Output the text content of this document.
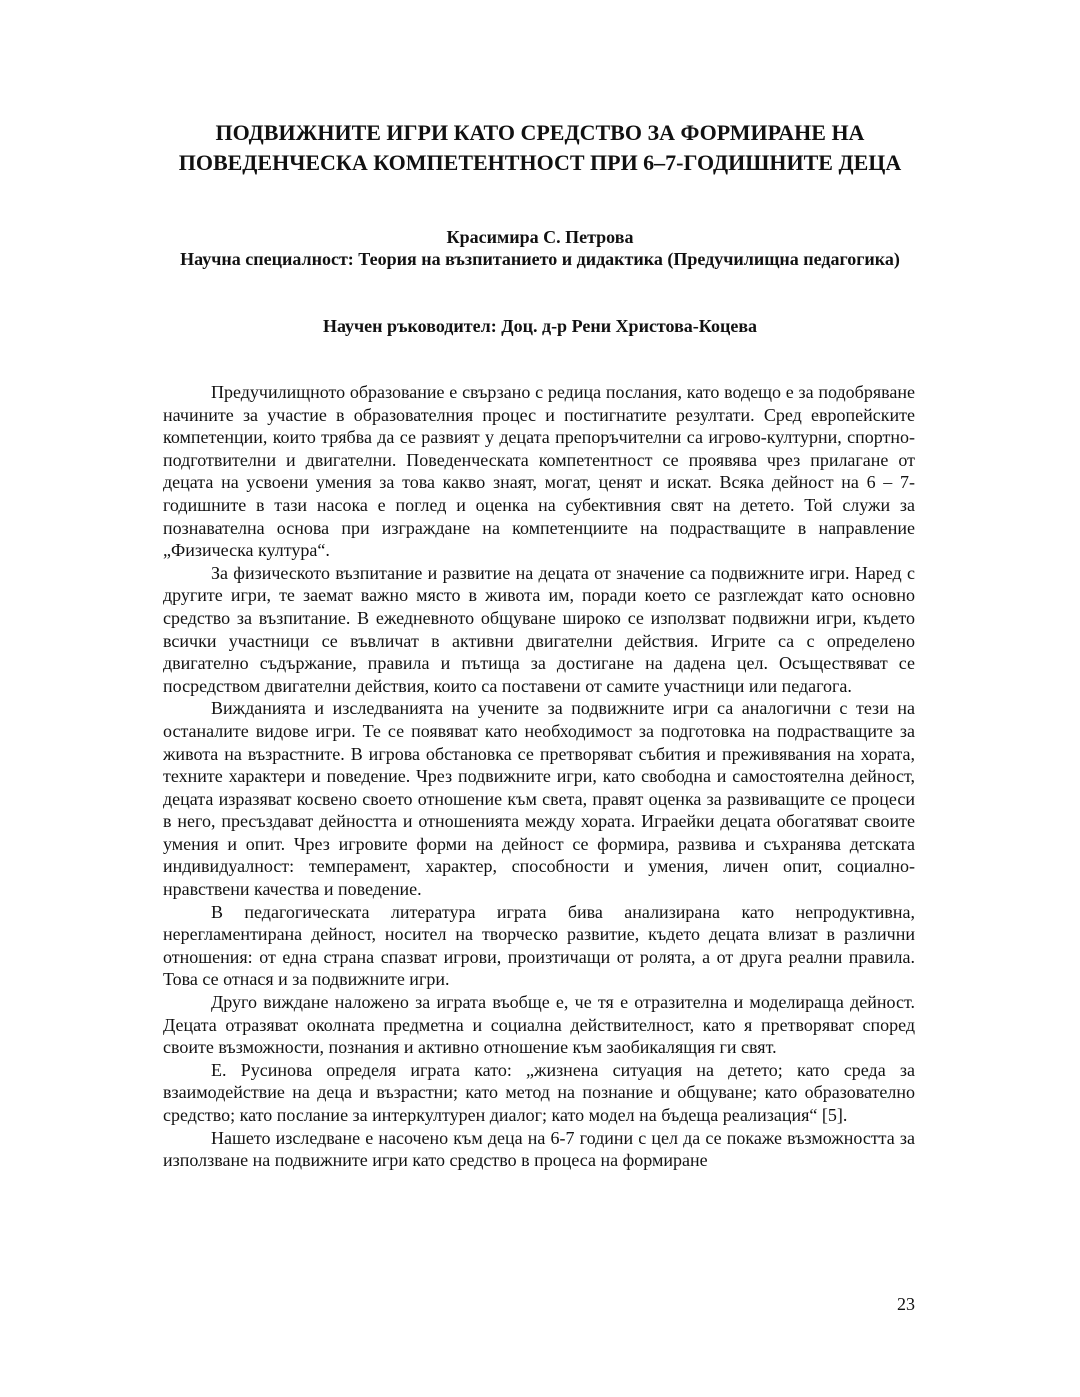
ПОДВИЖНИТЕ ИГРИ КАТО СРЕДСТВО ЗА ФОРМИРАНЕ НА ПОВЕДЕНЧЕСКА КОМПЕТЕНТНОСТ ПРИ 6–7-ГОДИШНИТЕ ДЕЦА

Красимира С. Петрова

Научна специалност: Теория на възпитанието и дидактика (Предучилищна педагогика)

Научен ръководител: Доц. д-р Рени Христова-Коцева

Предучилищното образование е свързано с редица послания, като водещо е за подобряване начините за участие в образователния процес и постигнатите резултати. Сред европейските компетенции, които трябва да се развият у децата препоръчителни са игрово-културни, спортно-подготвителни и двигателни. Поведенческата компетентност се проявява чрез прилагане от децата на усвоени умения за това какво знаят, могат, ценят и искат. Всяка дейност на 6 – 7-годишните в тази насока е поглед и оценка на субективния свят на детето. Той служи за познавателна основа при изграждане на компетенциите на подрастващите в направление „Физическа култура“.

За физическото възпитание и развитие на децата от значение са подвижните игри. Наред с другите игри, те заемат важно място в живота им, поради което се разглеждат като основно средство за възпитание. В ежедневното общуване широко се използват подвижни игри, където всички участници се въвличат в активни двигателни действия. Игрите са с определено двигателно съдържание, правила и пътища за достигане на дадена цел. Осъществяват се посредством двигателни действия, които са поставени от самите участници или педагога.

Вижданията и изследванията на учените за подвижните игри са аналогични с тези на останалите видове игри. Те се появяват като необходимост за подготовка на подрастващите за живота на възрастните. В игрова обстановка се претворяват събития и преживявания на хората, техните характери и поведение. Чрез подвижните игри, като свободна и самостоятелна дейност, децата изразяват косвено своето отношение към света, правят оценка за развиващите се процеси в него, пресъздават дейността и отношенията между хората. Играейки децата обогатяват своите умения и опит. Чрез игровите форми на дейност се формира, развива и съхранява детската индивидуалност: темперамент, характер, способности и умения, личен опит, социално-нравствени качества и поведение.

В педагогическата литература играта бива анализирана като непродуктивна, нерегламентирана дейност, носител на творческо развитие, където децата влизат в различни отношения: от една страна спазват игрови, произтичащи от ролята, а от друга реални правила. Това се отнася и за подвижните игри.

Друго виждане наложено за играта въобще е, че тя е отразителна и моделираща дейност. Децата отразяват околната предметна и социална действителност, като я претворяват според своите възможности, познания и активно отношение към заобикалящия ги свят.

Е. Русинова определя играта като: „жизнена ситуация на детето; като среда за взаимодействие на деца и възрастни; като метод на познание и общуване; като образователно средство; като послание за интеркултурен диалог; като модел на бъдеща реализация“ [5].

Нашето изследване е насочено към деца на 6-7 години с цел да се покаже възможността за използване на подвижните игри като средство в процеса на формиране

23
